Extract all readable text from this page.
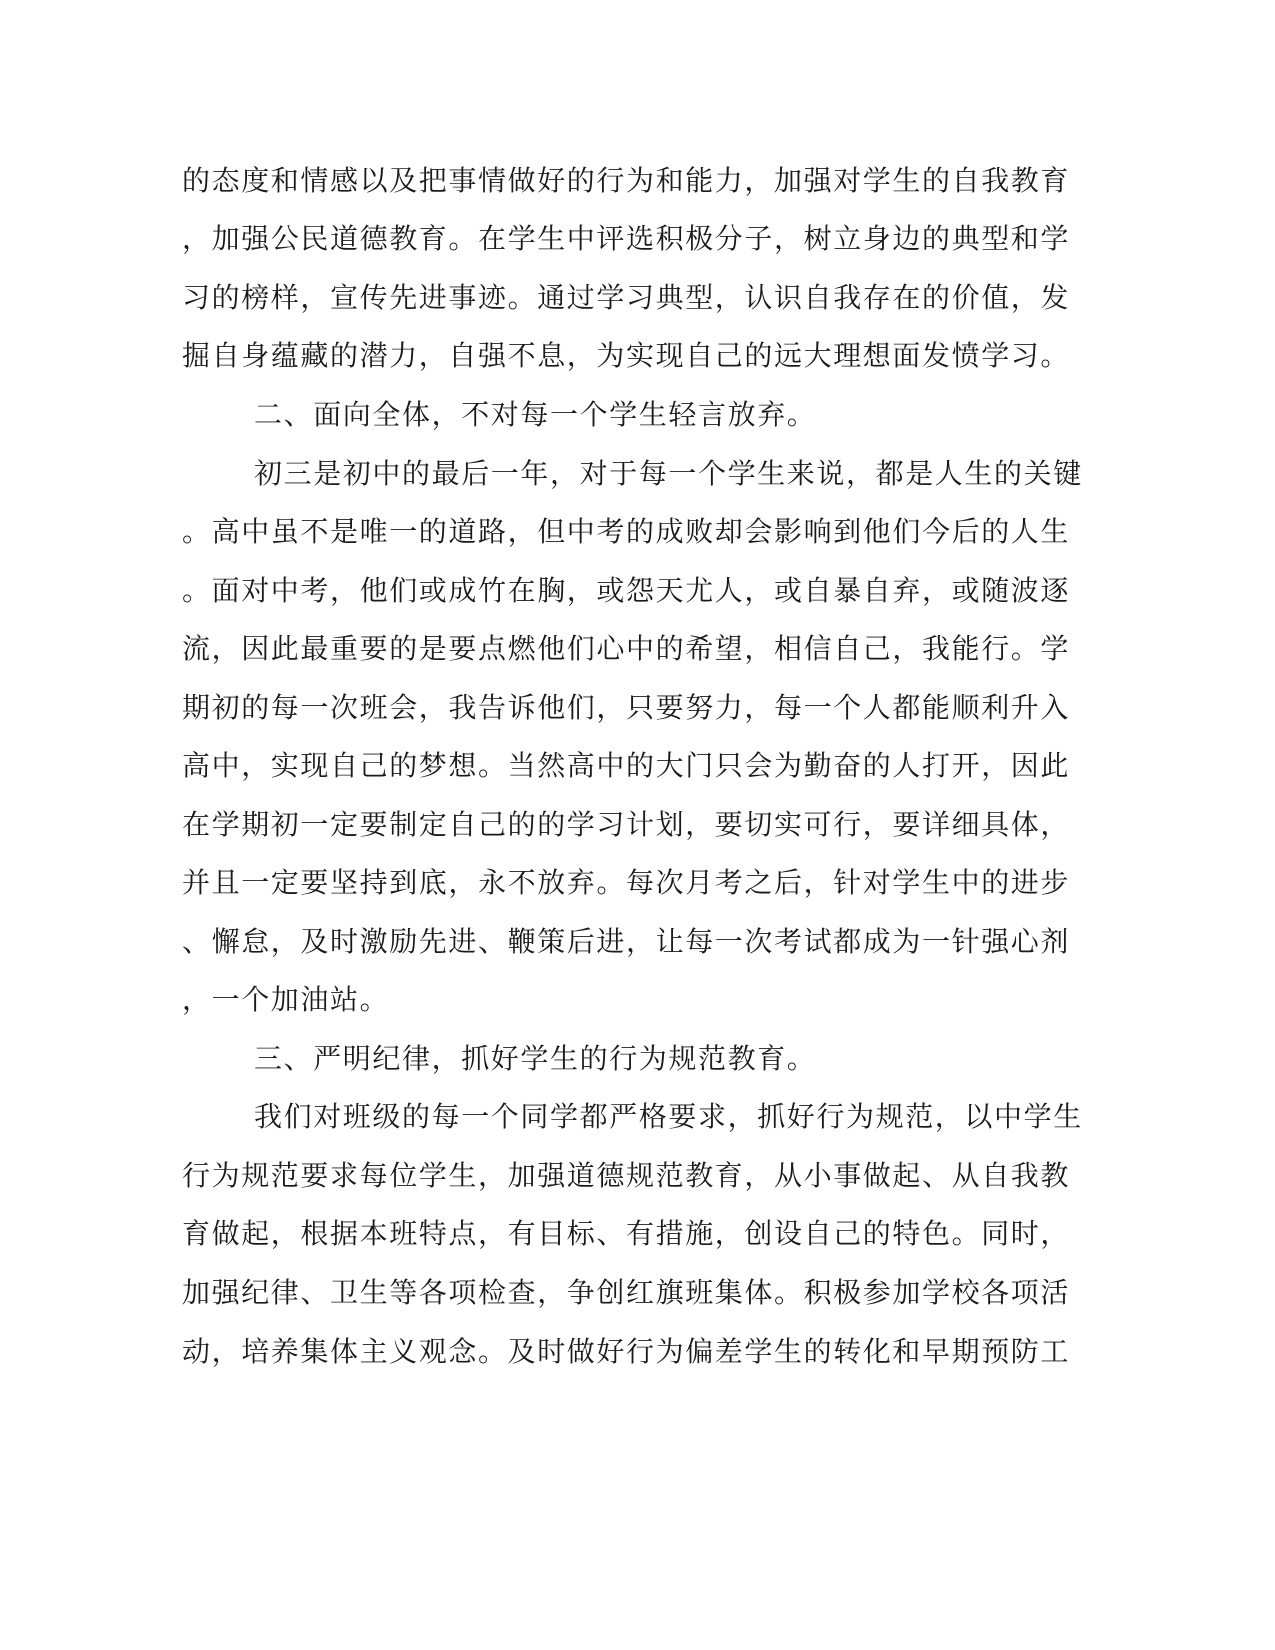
的态度和情感以及把事情做好的行为和能力，加强对学生的自我教育
，加强公民道德教育。在学生中评选积极分子，树立身边的典型和学
习的榜样，宣传先进事迹。通过学习典型，认识自我存在的价值，发
掘自身蕴藏的潜力，自强不息，为实现自己的远大理想面发愤学习。
二、面向全体，不对每一个学生轻言放弃。
初三是初中的最后一年，对于每一个学生来说，都是人生的关键
。高中虽不是唯一的道路，但中考的成败却会影响到他们今后的人生
。面对中考，他们或成竹在胸，或怨天尤人，或自暴自弃，或随波逐
流，因此最重要的是要点燃他们心中的希望，相信自己，我能行。学
期初的每一次班会，我告诉他们，只要努力，每一个人都能顺利升入
高中，实现自己的梦想。当然高中的大门只会为勤奋的人打开，因此
在学期初一定要制定自己的的学习计划，要切实可行，要详细具体，
并且一定要坚持到底，永不放弃。每次月考之后，针对学生中的进步
、懈怠，及时激励先进、鞭策后进，让每一次考试都成为一针强心剂
，一个加油站。
三、严明纪律，抓好学生的行为规范教育。
我们对班级的每一个同学都严格要求，抓好行为规范，以中学生
行为规范要求每位学生，加强道德规范教育，从小事做起、从自我教
育做起，根据本班特点，有目标、有措施，创设自己的特色。同时，
加强纪律、卫生等各项检查，争创红旗班集体。积极参加学校各项活
动，培养集体主义观念。及时做好行为偏差学生的转化和早期预防工
